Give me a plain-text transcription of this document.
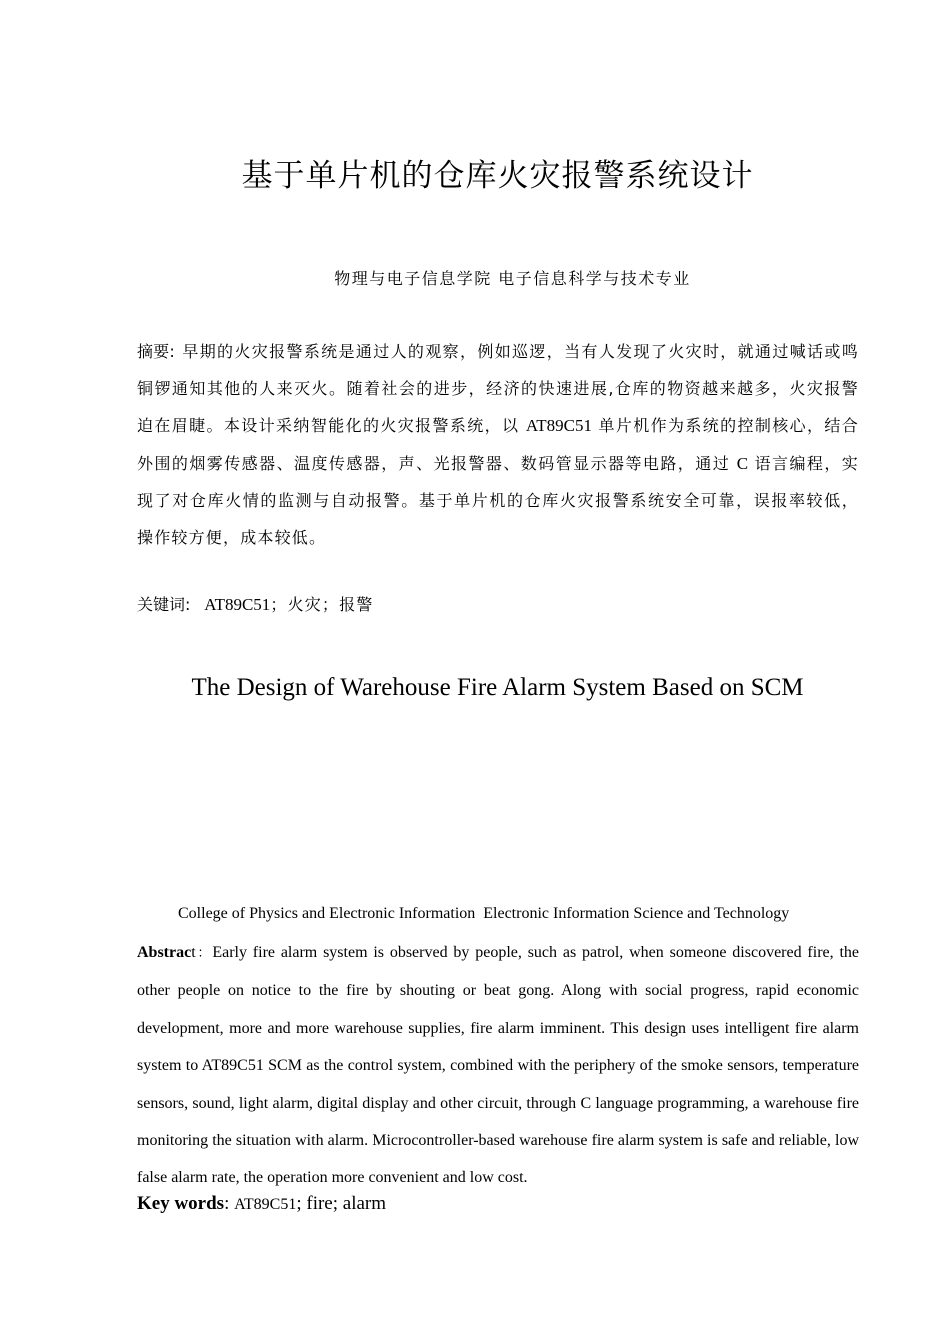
基于单片机的仓库火灾报警系统设计
物理与电子信息学院 电子信息科学与技术专业
摘要: 早期的火灾报警系统是通过人的观察，例如巡逻，当有人发现了火灾时，就通过喊话或鸣铜锣通知其他的人来灭火。随着社会的进步，经济的快速进展,仓库的物资越来越多，火灾报警迫在眉睫。本设计采纳智能化的火灾报警系统，以 AT89C51 单片机作为系统的控制核心，结合外围的烟雾传感器、温度传感器，声、光报警器、数码管显示器等电路，通过 C 语言编程，实现了对仓库火情的监测与自动报警。基于单片机的仓库火灾报警系统安全可靠，误报率较低，操作较方便，成本较低。
关键词:  AT89C51；火灾；报警
The Design of Warehouse Fire Alarm System Based on SCM
College of Physics and Electronic Information  Electronic Information Science and Technology
Abstract：Early fire alarm system is observed by people, such as patrol, when someone discovered fire, the other people on notice to the fire by shouting or beat gong. Along with social progress, rapid economic development, more and more warehouse supplies, fire alarm imminent. This design uses intelligent fire alarm system to AT89C51 SCM as the control system, combined with the periphery of the smoke sensors, temperature sensors, sound, light alarm, digital display and other circuit, through C language programming, a warehouse fire monitoring the situation with alarm. Microcontroller-based warehouse fire alarm system is safe and reliable, low false alarm rate, the operation more convenient and low cost.
Key words: AT89C51; fire; alarm
